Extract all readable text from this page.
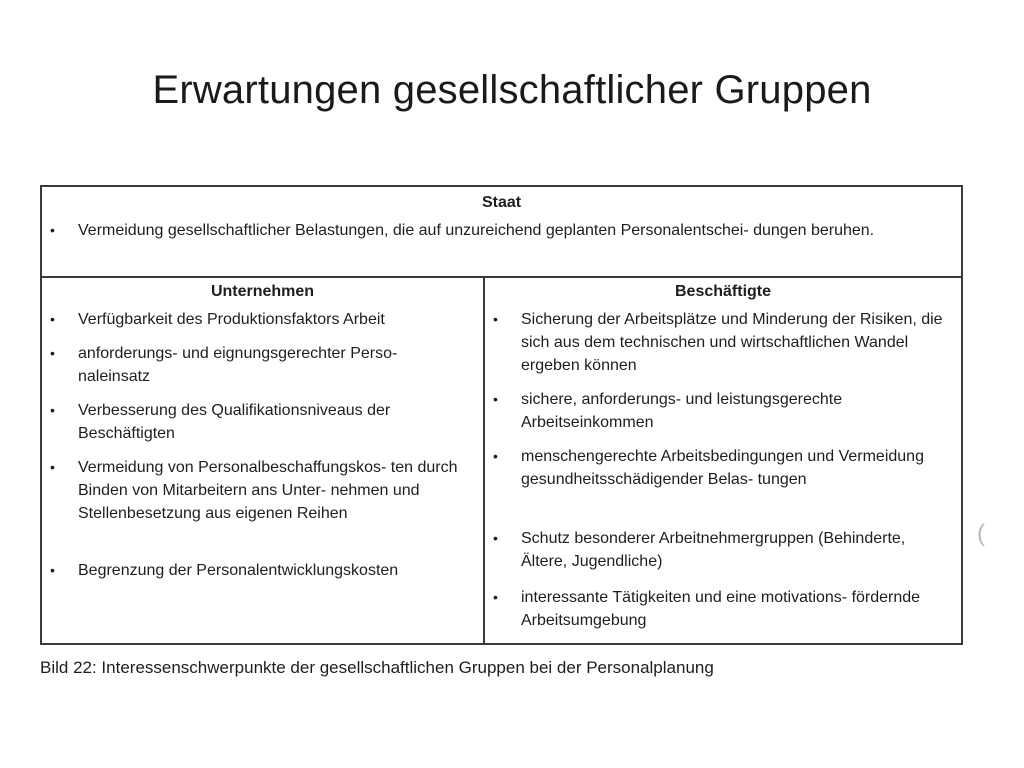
Erwartungen gesellschaftlicher Gruppen
Staat
• Vermeidung gesellschaftlicher Belastungen, die auf unzureichend geplanten Personalentschei- dungen beruhen.
Unternehmen
• Verfügbarkeit des Produktionsfaktors Arbeit
• anforderungs- und eignungsgerechter Perso- naleinsatz
• Verbesserung des Qualifikationsniveaus der Beschäftigten
• Vermeidung von Personalbeschaffungskos- ten durch Binden von Mitarbeitern ans Unter- nehmen und Stellenbesetzung aus eigenen Reihen
• Begrenzung der Personalentwicklungskosten
Beschäftigte
• Sicherung der Arbeitsplätze und Minderung der Risiken, die sich aus dem technischen und wirtschaftlichen Wandel ergeben können
• sichere, anforderungs- und leistungsgerechte Arbeitseinkommen
• menschengerechte Arbeitsbedingungen und Vermeidung gesundheitsschädigender Belas- tungen
• Schutz besonderer Arbeitnehmergruppen (Behinderte, Ältere, Jugendliche)
• interessante Tätigkeiten und eine motivations- fördernde Arbeitsumgebung
Bild 22: Interessenschwerpunkte der gesellschaftlichen Gruppen bei der Personalplanung
(
